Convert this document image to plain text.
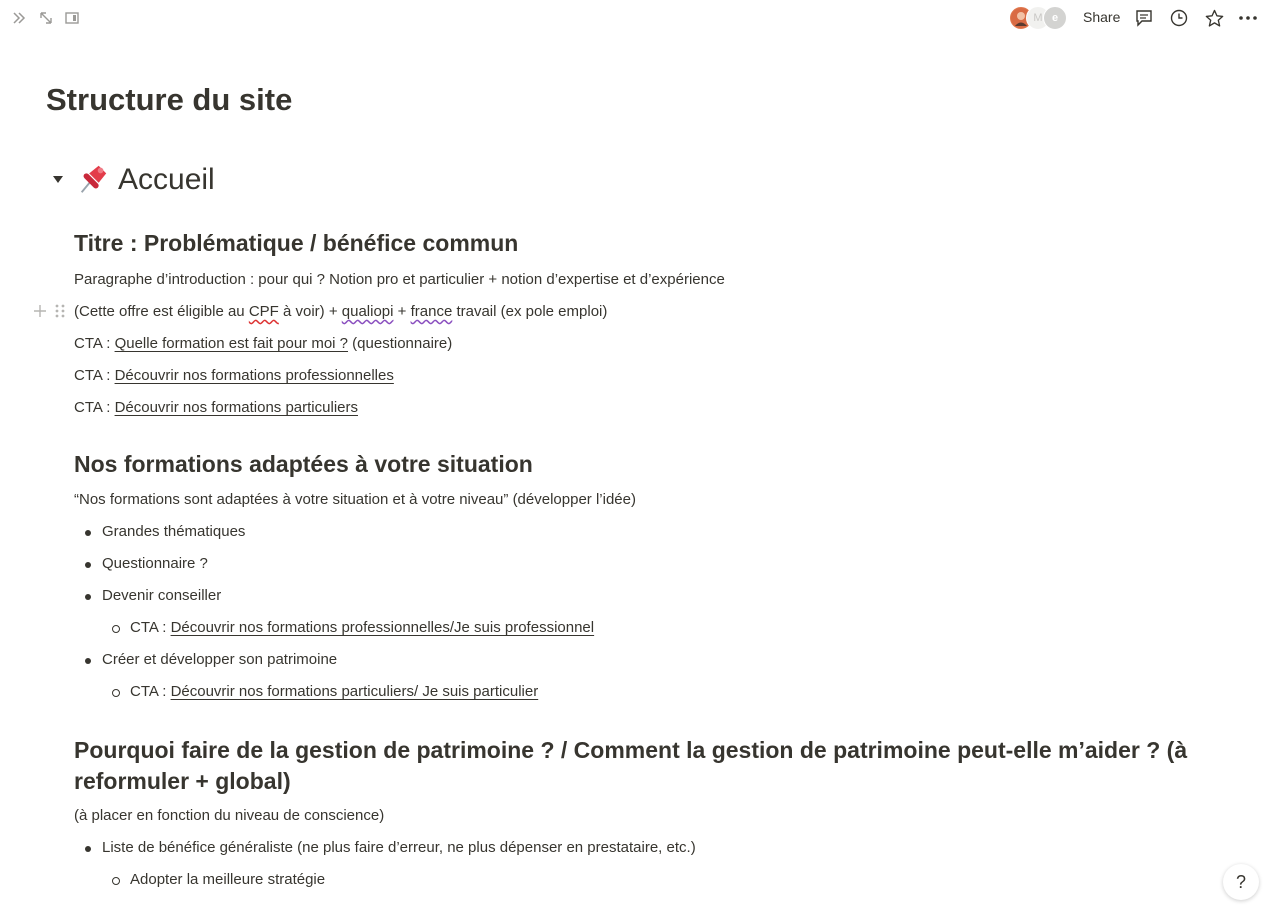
M e Share
Structure du site
Accueil
Titre : Problématique / bénéfice commun
Paragraphe d’introduction : pour qui ? Notion pro et particulier + notion d’expertise et d’expérience
(Cette offre est éligible au CPF à voir) + qualiopi + france travail (ex pole emploi)
CTA : Quelle formation est fait pour moi ? (questionnaire)
CTA : Découvrir nos formations professionnelles
CTA : Découvrir nos formations particuliers
Nos formations adaptées à votre situation
“Nos formations sont adaptées à votre situation et à votre niveau” (développer l’idée)
Grandes thématiques
Questionnaire ?
Devenir conseiller
CTA : Découvrir nos formations professionnelles/Je suis professionnel
Créer et développer son patrimoine
CTA : Découvrir nos formations particuliers/ Je suis particulier
Pourquoi faire de la gestion de patrimoine ? / Comment la gestion de patrimoine peut-elle m’aider ? (à reformuler + global)
(à placer en fonction du niveau de conscience)
Liste de bénéfice généraliste (ne plus faire d’erreur, ne plus dépenser en prestataire, etc.)
Adopter la meilleure stratégie	?
